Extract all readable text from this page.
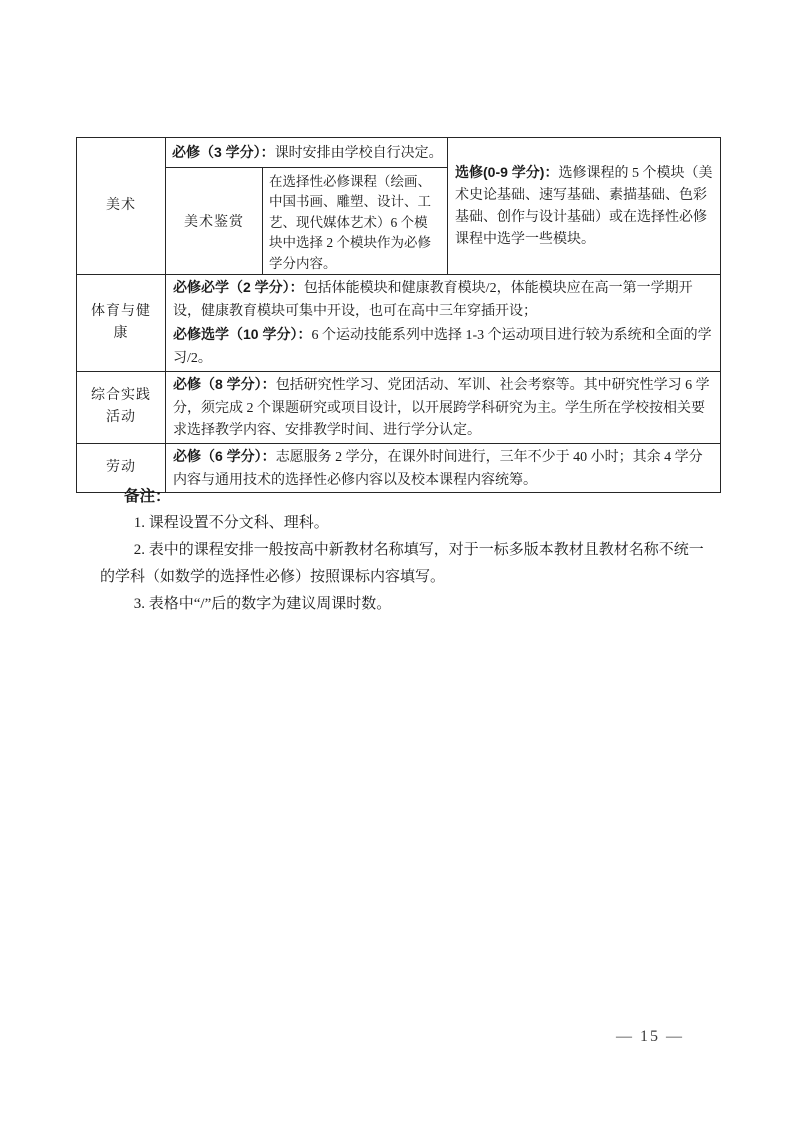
美术
必修（3 学分）：课时安排由学校自行决定。
美术鉴赏
在选择性必修课程（绘画、中国书画、雕塑、设计、工艺、现代媒体艺术）6 个模块中选择 2 个模块作为必修学分内容。
选修(0-9 学分)：选修课程的 5 个模块（美术史论基础、速写基础、素描基础、色彩基础、创作与设计基础）或在选择性必修课程中选学一些模块。
体育与健康
必修必学（2 学分）：包括体能模块和健康教育模块/2，体能模块应在高一第一学期开设，健康教育模块可集中开设，也可在高中三年穿插开设；
必修选学（10 学分）：6 个运动技能系列中选择 1-3 个运动项目进行较为系统和全面的学习/2。
综合实践活动
必修（8 学分）：包括研究性学习、党团活动、军训、社会考察等。其中研究性学习 6 学分，须完成 2 个课题研究或项目设计，以开展跨学科研究为主。学生所在学校按相关要求选择教学内容、安排教学时间、进行学分认定。
劳动
必修（6 学分）：志愿服务 2 学分，在课外时间进行，三年不少于 40 小时；其余 4 学分内容与通用技术的选择性必修内容以及校本课程内容统筹。
备注：

1. 课程设置不分文科、理科。

2. 表中的课程安排一般按高中新教材名称填写，对于一标多版本教材且教材名称不统一的学科（如数学的选择性必修）按照课标内容填写。

3. 表格中“/”后的数字为建议周课时数。

— 15 —
